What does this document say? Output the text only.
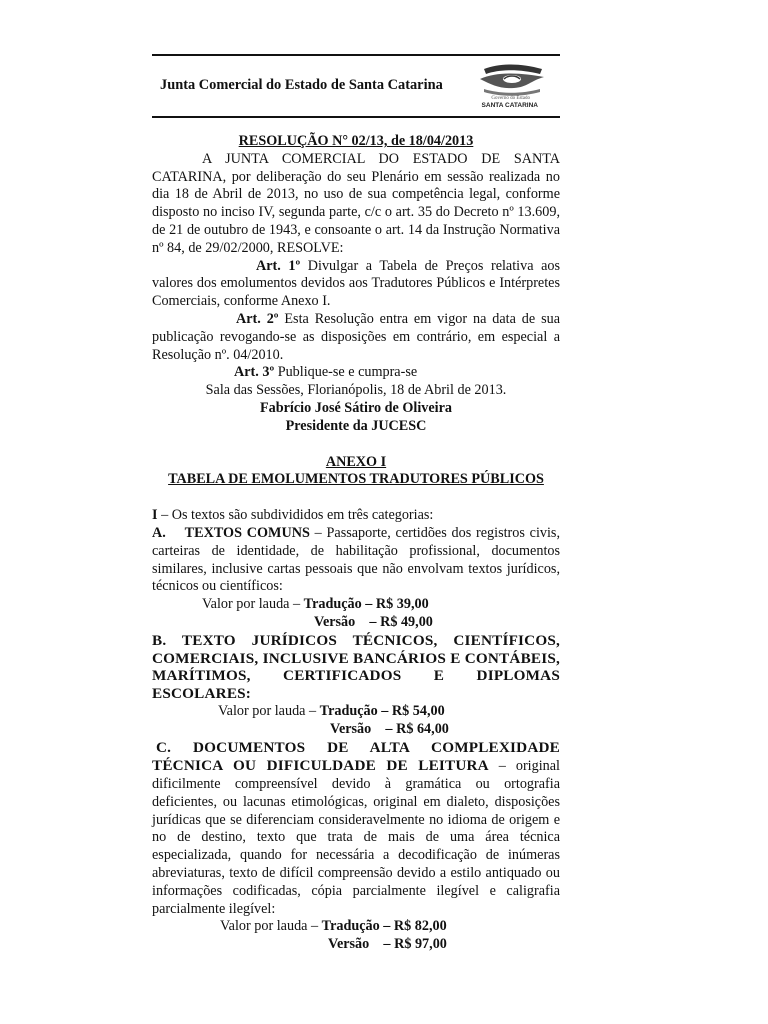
Junta Comercial do Estado de Santa Catarina
Governo do Estado
SANTA CATARINA

RESOLUÇÃO N° 02/13, de 18/04/2013

A JUNTA COMERCIAL DO ESTADO DE SANTA CATARINA, por deliberação do seu Plenário em sessão realizada no dia 18 de Abril de 2013, no uso de sua competência legal, conforme disposto no inciso IV, segunda parte, c/c o art. 35 do Decreto nº 13.609, de 21 de outubro de 1943, e consoante o art. 14 da Instrução Normativa nº 84, de 29/02/2000, RESOLVE:

Art. 1º Divulgar a Tabela de Preços relativa aos valores dos emolumentos devidos aos Tradutores Públicos e Intérpretes Comerciais, conforme Anexo I.

Art. 2º Esta Resolução entra em vigor na data de sua publicação revogando-se as disposições em contrário, em especial a Resolução nº. 04/2010.

Art. 3º Publique-se e cumpra-se

Sala das Sessões, Florianópolis, 18 de Abril de 2013.

Fabrício José Sátiro de Oliveira

Presidente da JUCESC

ANEXO I

TABELA DE EMOLUMENTOS TRADUTORES PÚBLICOS

I – Os textos são subdivididos em três categorias:

A.    TEXTOS COMUNS – Passaporte, certidões dos registros civis, carteiras de identidade, de habilitação profissional, documentos similares, inclusive cartas pessoais que não envolvam textos jurídicos, técnicos ou científicos:

Valor por lauda – Tradução – R$ 39,00

Versão    – R$ 49,00

B. TEXTO JURÍDICOS TÉCNICOS, CIENTÍFICOS, COMERCIAIS, INCLUSIVE BANCÁRIOS E CONTÁBEIS, MARÍTIMOS, CERTIFICADOS E DIPLOMAS ESCOLARES:

Valor por lauda – Tradução – R$ 54,00

Versão    – R$ 64,00

C. DOCUMENTOS DE ALTA COMPLEXIDADE TÉCNICA OU DIFICULDADE DE LEITURA – original dificilmente compreensível devido à gramática ou ortografia deficientes, ou lacunas etimológicas, original em dialeto, disposições jurídicas que se diferenciam consideravelmente no idioma de origem e no de destino, texto que trata de mais de uma área técnica especializada, quando for necessária a decodificação de inúmeras abreviaturas, texto de difícil compreensão devido a estilo antiquado ou informações codificadas, cópia parcialmente ilegível e caligrafia parcialmente ilegível:

Valor por lauda – Tradução – R$ 82,00

Versão    – R$ 97,00
